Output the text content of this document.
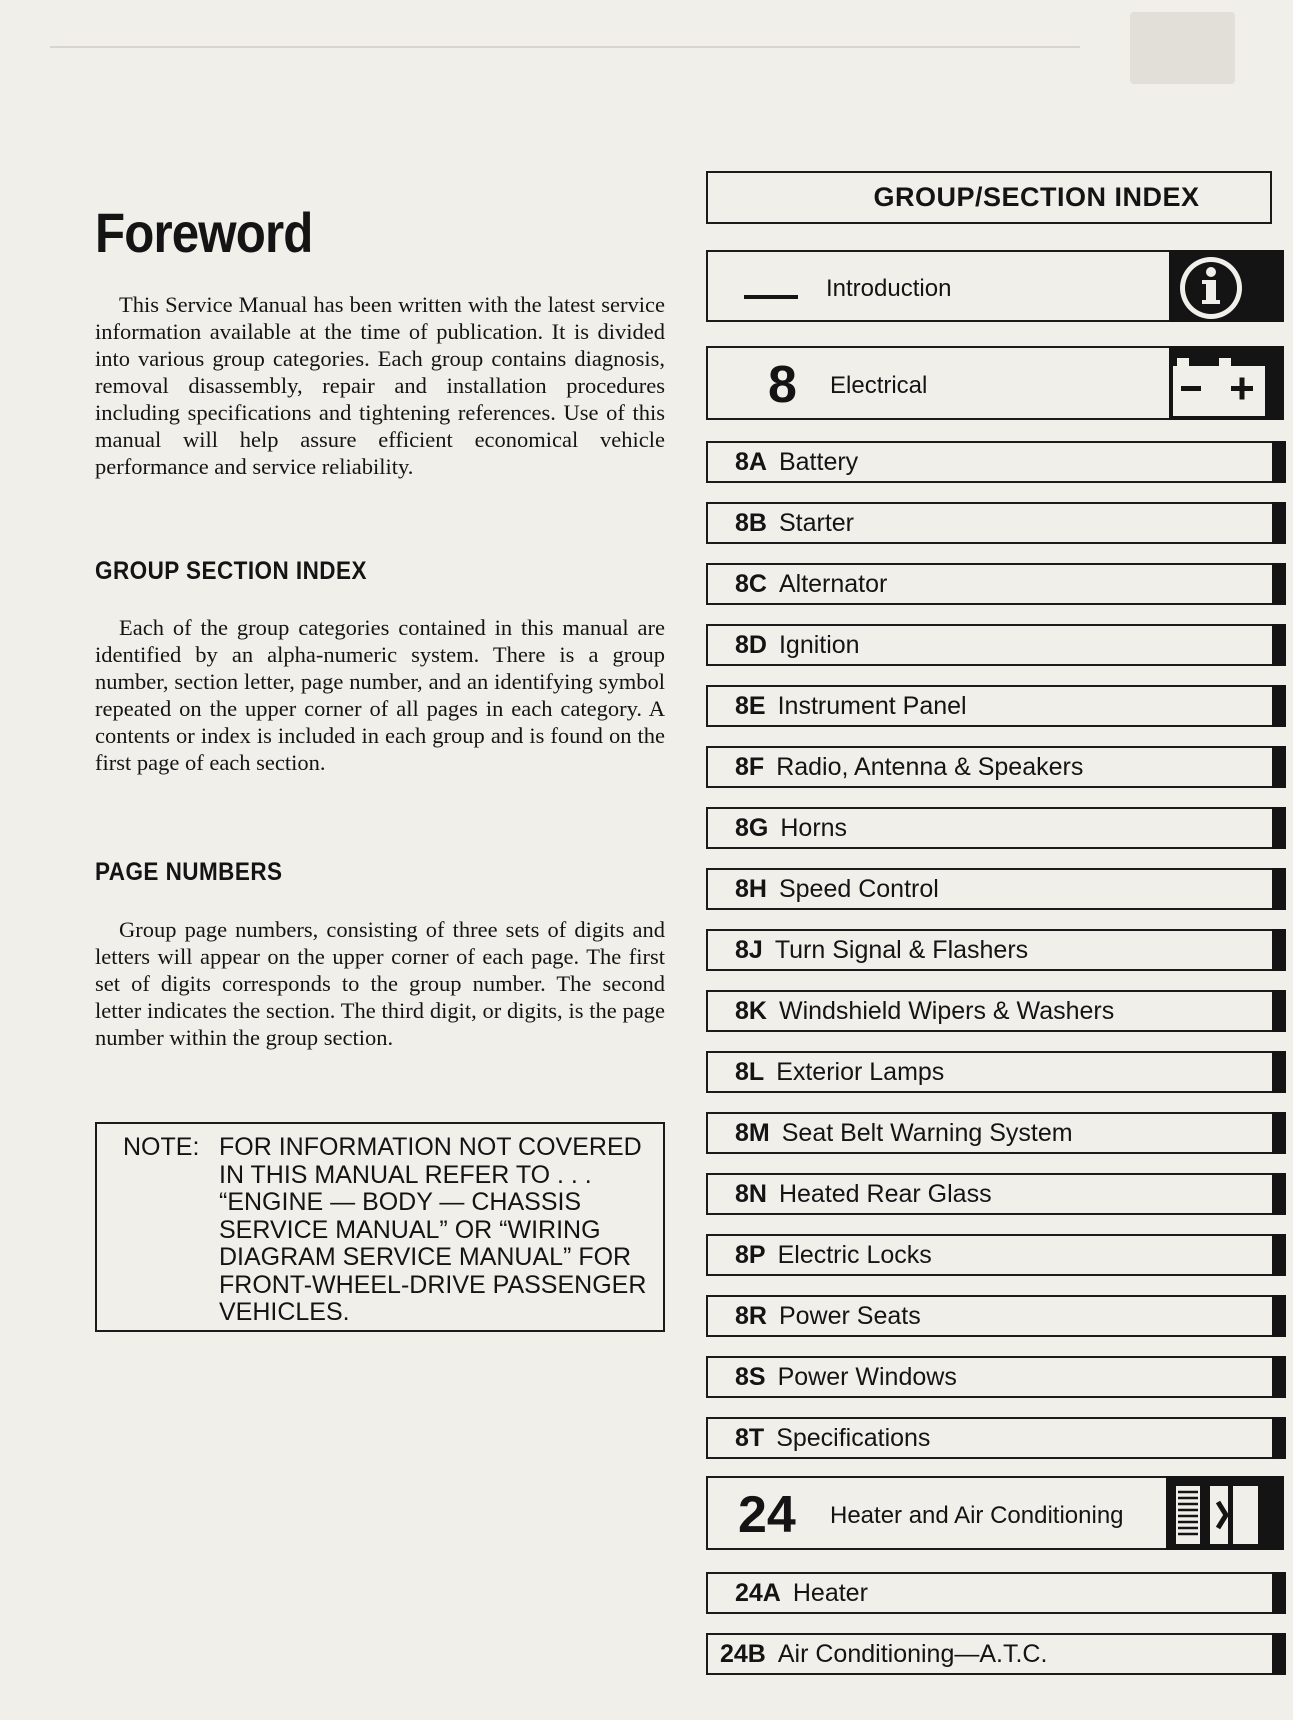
Foreword

This Service Manual has been written with the latest service information available at the time of publication. It is divided into various group categories. Each group contains diagnosis, removal disassembly, repair and installation procedures including specifications and tightening references. Use of this manual will help assure efficient economical vehicle performance and service reliability.

GROUP SECTION INDEX

Each of the group categories contained in this manual are identified by an alpha-numeric system. There is a group number, section letter, page number, and an identifying symbol repeated on the upper corner of all pages in each category. A contents or index is included in each group and is found on the first page of each section.

PAGE NUMBERS

Group page numbers, consisting of three sets of digits and letters will appear on the upper corner of each page. The first set of digits corresponds to the group number. The second letter indicates the section. The third digit, or digits, is the page number within the group section.

NOTE: FOR INFORMATION NOT COVERED IN THIS MANUAL REFER TO . . . “ENGINE — BODY — CHASSIS SERVICE MANUAL” OR “WIRING DIAGRAM SERVICE MANUAL” FOR FRONT-WHEEL-DRIVE PASSENGER VEHICLES.
GROUP/SECTION INDEX
Introduction
8 Electrical
8A Battery
8B Starter
8C Alternator
8D Ignition
8E Instrument Panel
8F Radio, Antenna & Speakers
8G Horns
8H Speed Control
8J Turn Signal & Flashers
8K Windshield Wipers & Washers
8L Exterior Lamps
8M Seat Belt Warning System
8N Heated Rear Glass
8P Electric Locks
8R Power Seats
8S Power Windows
8T Specifications
24 Heater and Air Conditioning
24A Heater
24B Air Conditioning—A.T.C.
